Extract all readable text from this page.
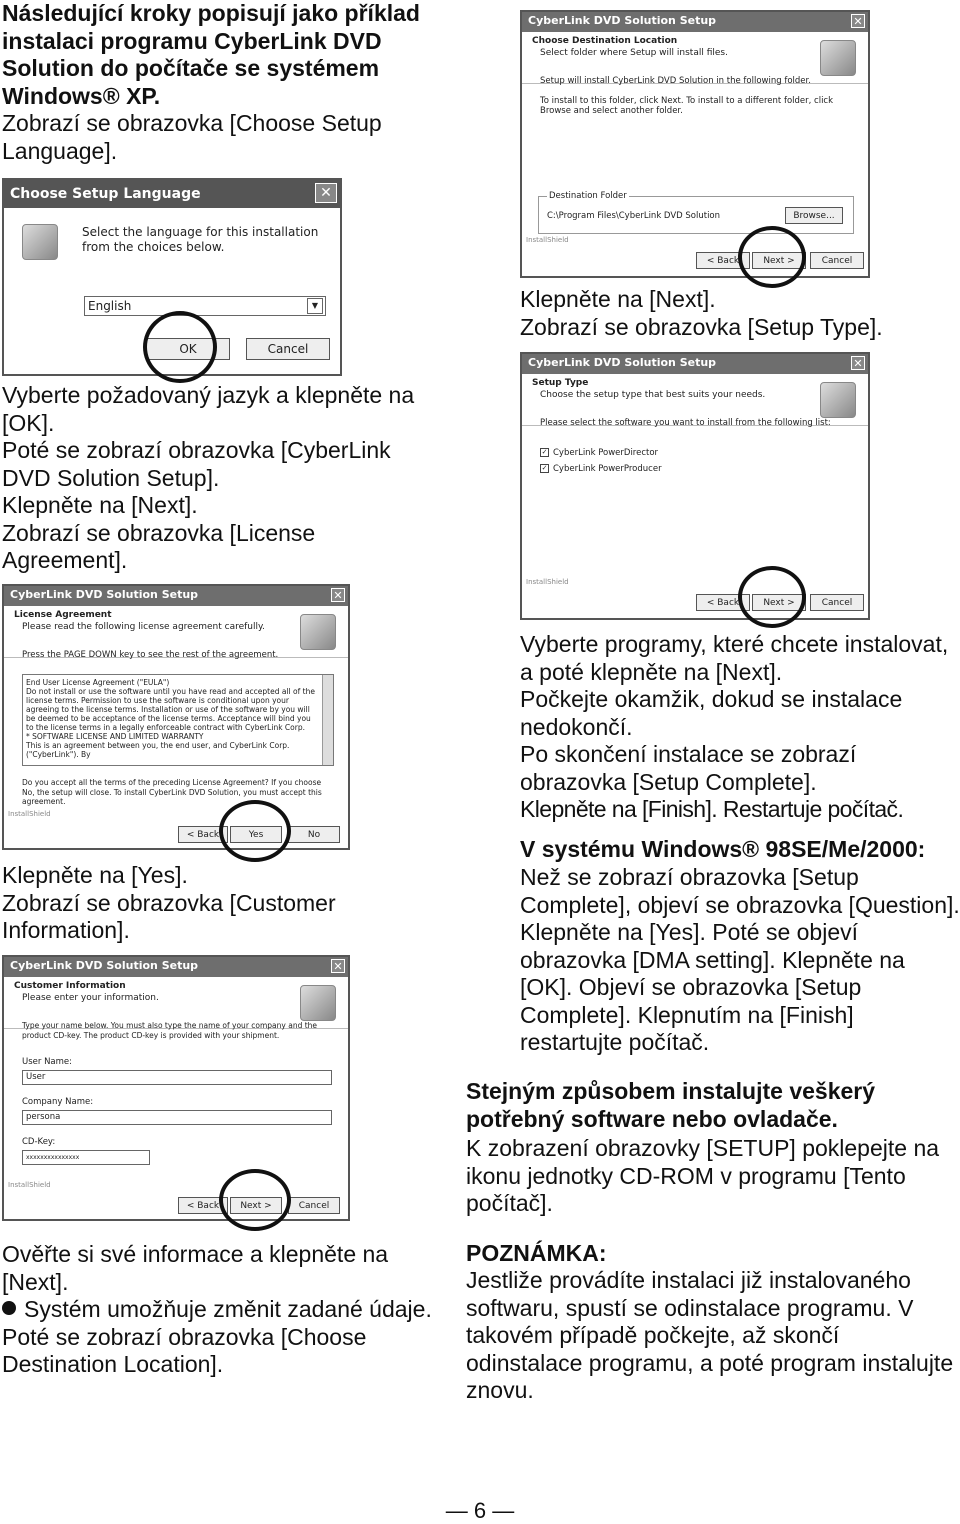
Následující kroky popisují jako příklad instalaci programu CyberLink DVD Solution do počítače se systémem Windows® XP.

Zobrazí se obrazovka [Choose Setup Language].

Choose Setup Language	✕
Select the language for this installation from the choices below.
English	▼
OK	Cancel

Vyberte požadovaný jazyk a klepněte na [OK].

Poté se zobrazí obrazovka [CyberLink DVD Solution Setup].

Klepněte na [Next].

Zobrazí se obrazovka [License Agreement].

CyberLink DVD Solution Setup	✕
License Agreement
Please read the following license agreement carefully.
Press the PAGE DOWN key to see the rest of the agreement.
End User License Agreement ("EULA")
Do not install or use the software until you have read and accepted all of the license terms. Permission to use the software is conditional upon your agreeing to the license terms. Installation or use of the software by you will be deemed to be acceptance of the license terms. Acceptance will bind you to the license terms in a legally enforceable contract with CyberLink Corp.
* SOFTWARE LICENSE AND LIMITED WARRANTY
This is an agreement between you, the end user, and CyberLink Corp. ("CyberLink"). By
Do you accept all the terms of the preceding License Agreement? If you choose No, the setup will close. To install CyberLink DVD Solution, you must accept this agreement.
InstallShield
< Back	Yes	No

Klepněte na [Yes].

Zobrazí se obrazovka [Customer Information].

CyberLink DVD Solution Setup	✕
Customer Information
Please enter your information.
Type your name below. You must also type the name of your company and the product CD-key. The product CD-key is provided with your shipment.
User Name:
User
Company Name:
persona
CD-Key:
xxxxxxxxxxxxxxx
InstallShield
< Back	Next >	Cancel

Ověřte si své informace a klepněte na [Next].

Systém umožňuje změnit zadané údaje.

Poté se zobrazí obrazovka [Choose Destination Location].

CyberLink DVD Solution Setup	✕
Choose Destination Location
Select folder where Setup will install files.
Setup will install CyberLink DVD Solution in the following folder.
To install to this folder, click Next. To install to a different folder, click Browse and select another folder.
Destination Folder
C:\Program Files\CyberLink DVD Solution	Browse...
InstallShield
< Back	Next >	Cancel

Klepněte na [Next].

Zobrazí se obrazovka [Setup Type].

CyberLink DVD Solution Setup	✕
Setup Type
Choose the setup type that best suits your needs.
Please select the software you want to install from the following list:
✓ CyberLink PowerDirector
✓ CyberLink PowerProducer
InstallShield
< Back	Next >	Cancel

Vyberte programy, které chcete instalovat, a poté klepněte na [Next].

Počkejte okamžik, dokud se instalace nedokončí.

Po skončení instalace se zobrazí obrazovka [Setup Complete].

Klepněte na [Finish]. Restartuje počítač.

V systému Windows® 98SE/Me/2000:

Než se zobrazí obrazovka [Setup Complete], objeví se obrazovka [Question]. Klepněte na [Yes]. Poté se objeví obrazovka [DMA setting]. Klepněte na [OK]. Objeví se obrazovka [Setup Complete]. Klepnutím na [Finish] restartujte počítač.

Stejným způsobem instalujte veškerý potřebný software nebo ovladače.

K zobrazení obrazovky [SETUP] poklepejte na ikonu jednotky CD-ROM v programu [Tento počítač].

POZNÁMKA:

Jestliže provádíte instalaci již instalovaného softwaru, spustí se odinstalace programu. V takovém případě počkejte, až skončí odinstalace programu, a poté program instalujte znovu.

— 6 —
